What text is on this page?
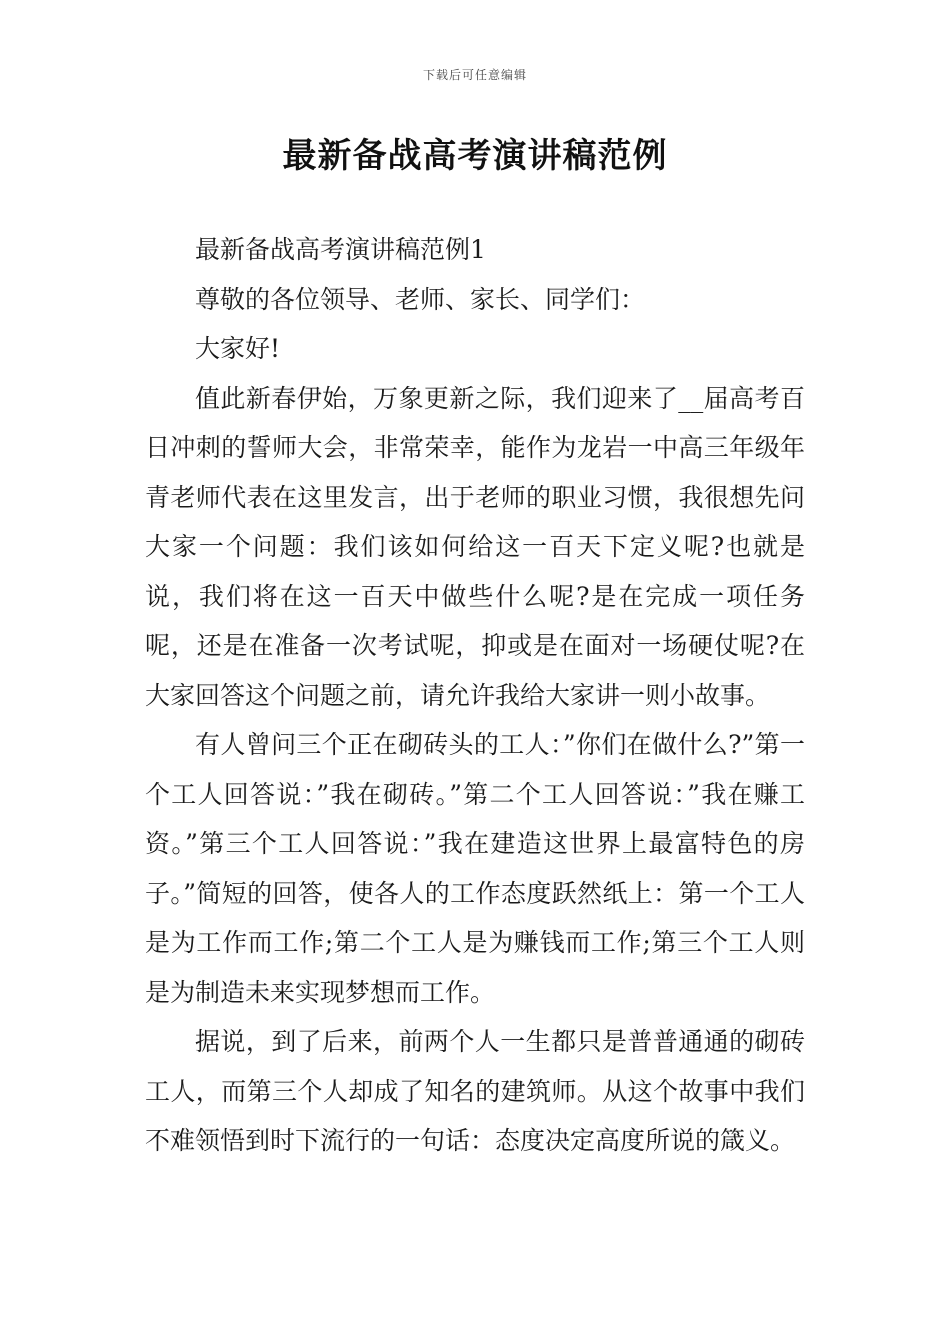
下载后可任意编辑
最新备战高考演讲稿范例

最新备战高考演讲稿范例1

尊敬的各位领导、老师、家长、同学们：

大家好!

值此新春伊始，万象更新之际，我们迎来了__届高考百日冲刺的誓师大会，非常荣幸，能作为龙岩一中高三年级年青老师代表在这里发言，出于老师的职业习惯，我很想先问大家一个问题：我们该如何给这一百天下定义呢?也就是说，我们将在这一百天中做些什么呢?是在完成一项任务呢，还是在准备一次考试呢，抑或是在面对一场硬仗呢?在大家回答这个问题之前，请允许我给大家讲一则小故事。

有人曾问三个正在砌砖头的工人：”你们在做什么?”第一个工人回答说：”我在砌砖。”第二个工人回答说：”我在赚工资。”第三个工人回答说：”我在建造这世界上最富特色的房子。”简短的回答，使各人的工作态度跃然纸上：第一个工人是为工作而工作;第二个工人是为赚钱而工作;第三个工人则是为制造未来实现梦想而工作。

据说，到了后来，前两个人一生都只是普普通通的砌砖工人，而第三个人却成了知名的建筑师。从这个故事中我们不难领悟到时下流行的一句话：态度决定高度所说的箴义。
